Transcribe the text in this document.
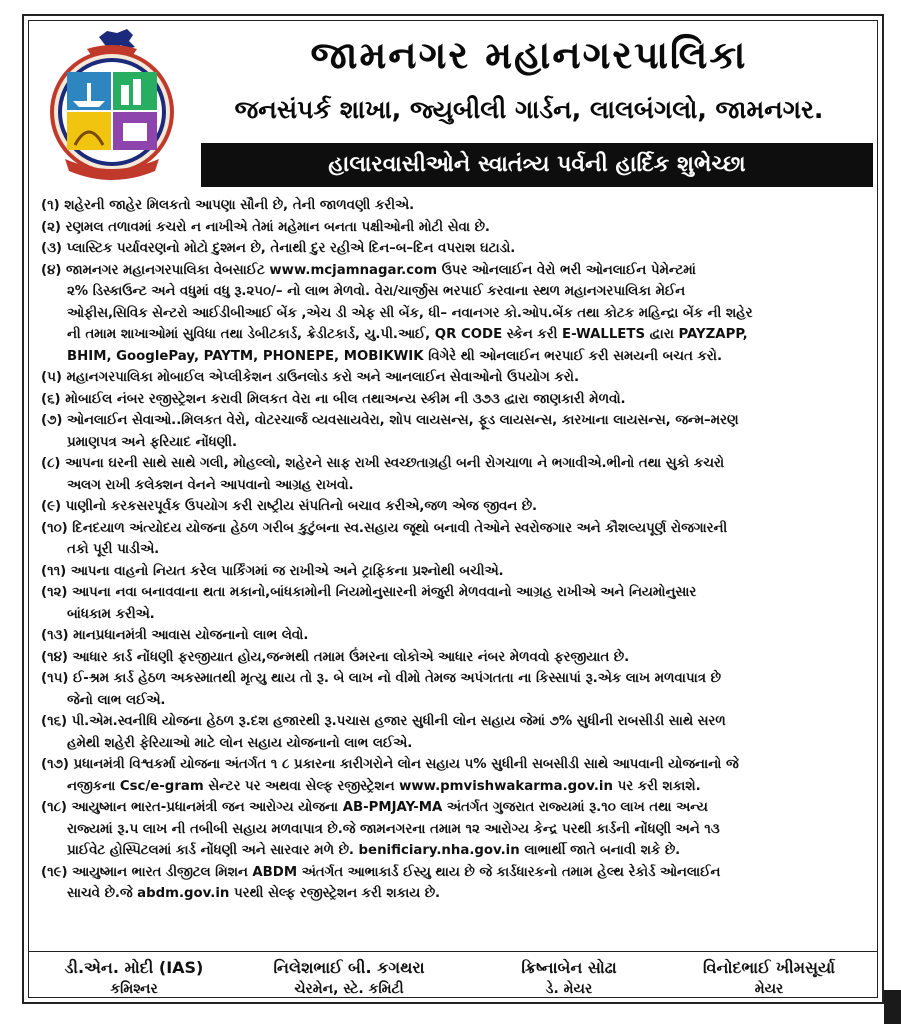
જામનગર મહાનગરપાલિકા
જનસંપર્ક શાખા, જ્યુબીલી ગાર્ડન, લાલબંગલો, જામનગર.
હાલારવાસીઓને સ્વાતંત્ર્ય પર્વની હાર્દિક શુભેચ્છા
(૧) શહેરની જાહેર મિલકતો આપણા સૌની છે, તેની જાળવણી કરીએ.
(૨) રણમલ તળાવમાં કચરો ન નાખીએ તેમાં મહેમાન બનતા પક્ષીઓની મોટી સેવા છે.
(૩) પ્લાસ્ટિક પર્યાવરણનો મોટો દુશ્મન છે, તેનાથી દુર રહીએ દિન–બ–દિન વપરાશ ઘટાડો.
(૪) જામનગર મહાનગરપાલિકા વેબસાઈટ www.mcjamnagar.com ઉપર ઓનલાઈન વેરો ભરી ઓનલાઈન પેમેન્ટમાં
૨% ડિસ્કાઉન્ટ અને વધુમાં વધુ રૂ.૨૫૦/– નો લાભ મેળવો. વેરા/ચાર્જીસ ભરપાઈ કરવાના સ્થળ મહાનગરપાલિકા મેઈન
ઓફીસ,સિવિક સેન્ટરો આઈડીબીઆઈ બેંક ,એચ ડી એફ સી બેંક, ધી– નવાનગર કો.ઓપ.બેંક તથા કોટક મહિન્દ્રા બેંક ની શહેર
ની તમામ શાખાઓમાં સુવિધા તથા ડેબીટકાર્ડ, ક્રેડીટકાર્ડ, યુ.પી.આઈ, QR CODE સ્કેન કરી E-WALLETS દ્વારા PAYZAPP,
BHIM, GooglePay, PAYTM, PHONEPE, MOBIKWIK વિગેરે થી ઓનલાઈન ભરપાઈ કરી સમયની બચત કરો.
(૫) મહાનગરપાલિકા મોબાઈલ એપ્લીકેશન ડાઉનલોડ કરો અને આનલાઈન સેવાઓનો ઉપયોગ કરો.
(૬) મોબાઈલ નંબર રજીસ્ટ્રેશન કરાવી મિલકત વેરા ના બીલ તથાઅન્ય સ્કીમ ની ૩૭૩ દ્વારા જાણકારી મેળવો.
(૭) ઓનલાઈન સેવાઓ..મિલકત વેરો, વોટરચાર્જ વ્યવસાયવેરા, શોપ લાયસન્સ, ફૂડ લાયસન્સ, કારખાના લાયસન્સ, જન્મ–મરણ
પ્રમાણપત્ર અને ફરિયાદ નોંધણી.
(૮) આપના ઘરની સાથે સાથે ગલી, મોહલ્લો, શહેરને સાફ રાખી સ્વચ્છતાગ્રહી બની રોગચાળા ને ભગાવીએ.ભીનો તથા સુકો કચરો
અલગ રાખી કલેક્શન વેનને આપવાનો આગ્રહ રાખવો.
(૯) પાણીનો કરકસરપૂર્વક ઉપયોગ કરી રાષ્ટ્રીય સંપતિનો બચાવ કરીએ,જળ એજ જીવન છે.
(૧૦) દિનદયાળ અંત્યોદય યોજના હેઠળ ગરીબ કુટુંબના સ્વ.સહાય જૂથો બનાવી તેઓને સ્વરોજગાર અને કૌશલ્યપૂર્ણ રોજગારની
તકો પૂરી પાડીએ.
(૧૧) આપના વાહનો નિયત કરેલ પાર્કિંગમાં જ રાખીએ અને ટ્રાફિકના પ્રશ્નોથી બચીએ.
(૧૨) આપના નવા બનાવવાના થતા મકાનો,બાંધકામોની નિયમોનુસારની મંજુરી મેળવવાનો આગ્રહ રાખીએ અને નિયમોનુસાર
બાંધકામ કરીએ.
(૧૩) માનપ્રધાનમંત્રી આવાસ યોજનાનો લાભ લેવો.
(૧૪) આધાર કાર્ડ નોંધણી ફરજીયાત હોય,જન્મથી તમામ ઉંમરના લોકોએ આધાર નંબર મેળવવો ફરજીયાત છે.
(૧૫) ઈ-શ્રમ કાર્ડ હેઠળ અકસ્માતથી મૃત્યુ થાય તો રૂ. બે લાખ નો વીમો તેમજ અપંગતતા ના કિસ્સાપાં રૂ.એક લાખ મળવાપાત્ર છે
જેનો લાભ લઈએ.
(૧૬) પી.એમ.સ્વનીધિ યોજના હેઠળ રૂ.દશ હજારથી રૂ.પચાસ હજાર સુધીની લોન સહાય જેમાં ૭% સુધીની રાબસીડી સાથે સરળ
હમેથી શહેરી ફેરિયાઓ માટે લોન સહાય યોજનાનો લાભ લઈએ.
(૧૭) પ્રધાનમંત્રી વિશ્વકર્મા યોજના અંતર્ગત ૧ ૮ પ્રકારના કારીગરોને લોન સહાય ૫% સુધીની સબસીડી સાથે આપવાની યોજનાનો જે
નજીકના Csc/e-gram સેન્ટર પર અથવા સેલ્ફ રજીસ્ટ્રેશન www.pmvishwakarma.gov.in પર કરી શકાશે.
(૧૮) આયુષ્માન ભારત-પ્રધાનમંત્રી જન આરોગ્ય યોજના AB-PMJAY-MA અંતર્ગત ગુજરાત રાજ્યમાં રૂ.૧૦ લાખ તથા અન્ય
રાજ્યમાં રૂ.૫ લાખ ની તબીબી સહાય મળવાપાત્ર છે.જે જામનગરના તમામ ૧૨ આરોગ્ય કેન્દ્ર પરથી કાર્ડની નોંધણી અને ૧૩
પ્રાઈવેટ હોસ્પિટલમાં કાર્ડ નોંધણી અને સારવાર મળે છે. benificiary.nha.gov.in લાભાર્થી જાતે બનાવી શકે છે.
(૧૯) આયુષ્માન ભારત ડીજીટલ મિશન ABDM અંતર્ગત આભાકાર્ડ ઈસ્યુ થાય છે જે કાર્ડધારકનો તમામ હેલ્થ રેકોર્ડ ઓનલાઈન
સાચવે છે.જે abdm.gov.in પરથી સેલ્ફ રજીસ્ટ્રેશન કરી શકાય છે.
ડી.એન. મોદી (IAS)
કમિશ્નર
નિલેશભાઈ બી. કગથરા
ચેરમેન, સ્ટે. કમિટી
ક્રિષ્નાબેન સોઢા
ડે. મેયર
વિનોદભાઈ ખીમસૂર્યા
મેયર
